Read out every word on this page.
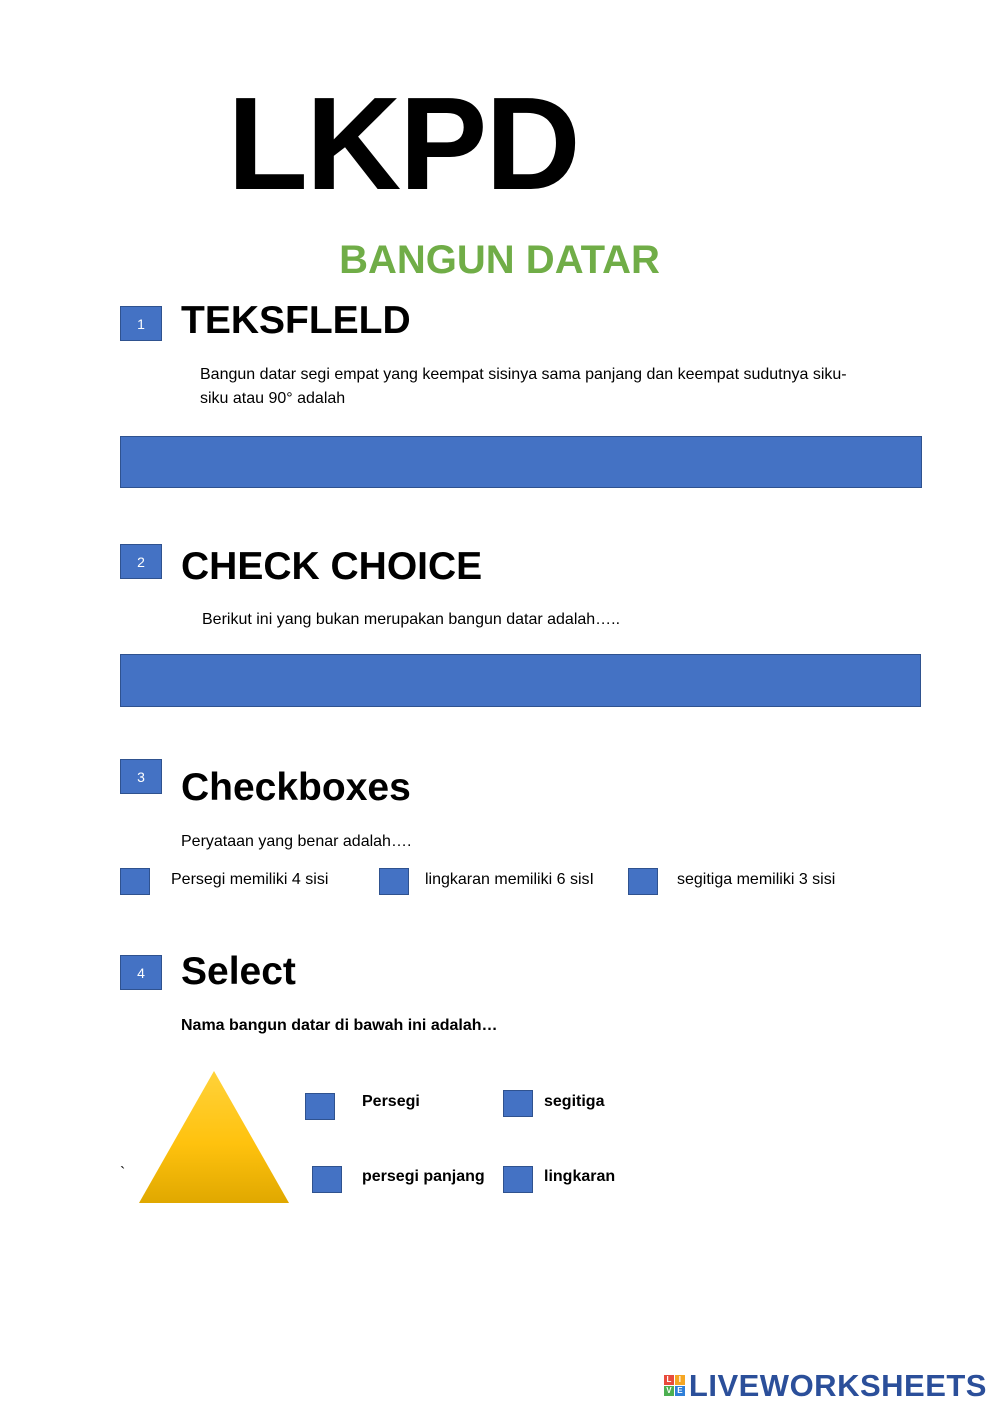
LKPD
BANGUN DATAR
1 TEKSFLELD
Bangun datar segi empat yang keempat sisinya sama panjang dan keempat sudutnya siku-
siku atau 90° adalah
2 CHECK CHOICE
Berikut ini yang bukan merupakan bangun datar adalah…..
3 Checkboxes
Peryataan yang benar adalah….
Persegi memiliki 4 sisi	lingkaran memiliki 6 sisI	segitiga memiliki 3 sisi
4 Select
Nama bangun datar di bawah ini adalah…
`
Persegi	segitiga
persegi panjang	lingkaran
L I
V E LIVEWORKSHEETS
